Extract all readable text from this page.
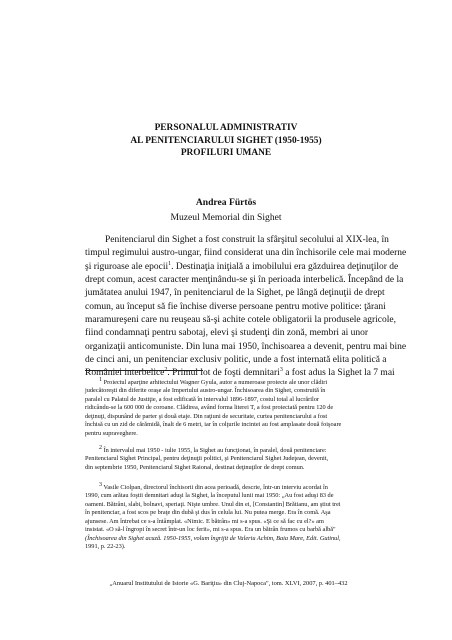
PERSONALUL ADMINISTRATIV
AL PENITENCIARULUI SIGHET (1950-1955)
PROFILURI UMANE
Andrea Fürtös
Muzeul Memorial din Sighet
Penitenciarul din Sighet a fost construit la sfârşitul secolului al XIX-lea, în
timpul regimului austro-ungar, fiind considerat una din închisorile cele mai moderne
şi riguroase ale epocii$^1$. Destinaţia iniţială a imobilului era găzduirea deţinuţilor de
drept comun, acest caracter menţinându-se şi în perioada interbelică. Începând de la
jumătatea anului 1947, în penitenciarul de la Sighet, pe lângă deţinuţii de drept
comun, au început să fie închise diverse persoane pentru motive politice: ţărani
maramureşeni care nu reuşeau să-şi achite cotele obligatorii la produsele agricole,
fiind condamnaţi pentru sabotaj, elevi şi studenţi din zonă, membri ai unor
organizaţii anticomuniste. Din luna mai 1950, închisoarea a devenit, pentru mai bine
de cinci ani, un penitenciar exclusiv politic, unde a fost internată elita politică a
României interbelice$^2$. Primul lot de foşti demnitari$^3$ a fost adus la Sighet la 7 mai
$^1$ Proiectul aparţine arhitectului Wagner Gyula, autor a numeroase proiecte ale unor clădiri
judecătoreşti din diferite oraşe ale Imperiului austro-ungar. Închisoarea din Sighet, construită în
paralel cu Palatul de Justiţie, a fost edificată în intervalul 1896-1897, costul total al lucrărilor
ridicându-se la 600 000 de coroane. Clădirea, având forma literei T, a fost proiectată pentru 120 de
deţinuţi, dispunând de parter şi două etaje. Din raţiuni de securitate, curtea penitenciarului a fost
închisă cu un zid de cărămidă, înalt de 6 metri, iar în colţurile incintei au fost amplasate două foişoare
pentru supraveghere.
$^2$ În intervalul mai 1950 - iulie 1955, la Sighet au funcţionat, în paralel, două penitenciare:
Penitenciarul Sighet Principal, pentru deţinuţii politici, şi Penitenciarul Sighet Judeţean, devenit,
din septembrie 1950, Penitenciarul Sighet Raional, destinat deţinuţilor de drept comun.
$^3$ Vasile Ciolpan, directorul închisorii din acea perioadă, descrie, într-un interviu acordat în
1990, cum arătau foştii demnitari aduşi la Sighet, la începutul lunii mai 1950: „Au fost aduşi 83 de
oameni. Bătrâni, slabi, bolnavi, speriaţi. Nişte umbre. Unul din ei, [Constantin] Brătianu, am ştiut trei
în penitenciar, a fost scos pe braţe din dubă şi dus în celula lui. Nu putea merge. Era în comă. Aşa
ajunsese. Am întrebat ce s-a întâmplat. «Nimic. E bătrân» mi s-a spus. «Şi ce să fac cu el?» am
insistat. «O să-l îngropi în secret într-un loc ferit», mi s-a spus. Era un bătrân frumos cu barbă albă"
(Închisoarea din Sighet acuză. 1950-1955, volum îngrijit de Valeriu Achim, Baia Mare, Edit. Gutinul,
1991, p. 22-23).
„Anuarul Institutului de Istorie «G. Bariţiu» din Cluj-Napoca", tom. XLVI, 2007, p. 401–432
